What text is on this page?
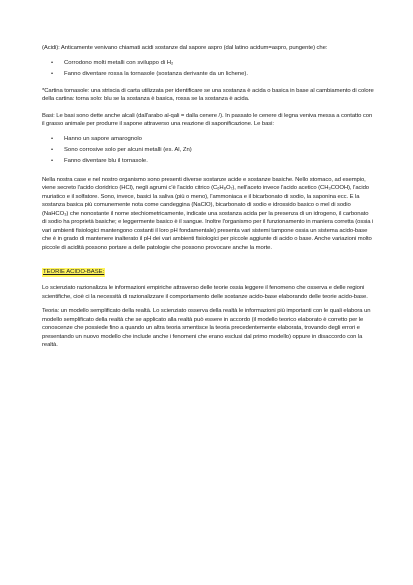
(Acidi): Anticamente venivano chiamati acidi sostanze dal sapore aspro (dal latino acidum=aspro, pungente) che:

• Corrodono molti metalli con sviluppo di H₂
• Fanno diventare rossa la tornasole (sostanza derivante da un lichene).

*Cartina tornasole: una striscia di carta utilizzata per identificare se una sostanza è acida o basica in base al cambiamento di colore della cartina: torna solo: blu se la sostanza è basica, rossa se la sostanza è acida.

Basi: Le basi sono dette anche alcali (dall'arabo al-qali = dalla cenere /). In passato le cenere di legna veniva messa a contatto con il grasso animale per produrre il sapone attraverso una reazione di saponificazione. Le basi:

• Hanno un sapore amarognolo
• Sono corrosive solo per alcuni metalli (es. Al, Zn)
• Fanno diventare blu il tornasole.

Nella nostra case e nel nostro organismo sono presenti diverse sostanze acide e sostanze basiche. Nello stomaco, ad esempio, viene secreto l'acido cloridrico (HCl), negli agrumi c'è l'acido citrico (C₆H₈O₇), nell'aceto invece l'acido acetico (CH₃COOH), l'acido muriatico e il solfatore. Sono, invece, basici la saliva (più o meno), l'ammoniaca e il bicarbonato di sodio, la saponina ecc. E la sostanza basica più comunemente nota come candeggina (NaClO), bicarbonato di sodio e idrossido basico o mel di sodio (NaHCO₃) che nonostante il nome stechiometricamente, indicate una sostanza acida per la presenza di un idrogeno, il carbonato di sodio ha proprietà basiche; e leggermente basico è il sangue. Inoltre l'organismo per il funzionamento in maniera corretta (ossia i vari ambienti fisiologici mantengono costanti il loro pH fondamentale) presenta vari sistemi tampone ossia un sistema acido-base che è in grado di mantenere inalterato il pH dei vari ambienti fisiologici per piccole aggiunte di acido o base. Anche variazioni molto piccole di acidità possono portare a delle patologie che possono provocare anche la morte.

TEORIE ACIDO-BASE:

Lo scienziato razionalizza le informazioni empiriche attraverso delle teorie ossia leggere il fenomeno che osserva e delle regioni scientifiche, cioè ci la necessità di razionalizzare il comportamento delle sostanze acido-base elaborando delle teorie acido-base.

Teoria: un modello semplificato della realtà. Lo scienziato osserva della realtà le informazioni più importanti con le quali elabora un modello semplificato della realtà che se applicato alla realtà può essere in accordo (il modello teorico elaborato è corretto per le conoscenze che possiede fino a quando un altra teoria smentisce la teoria precedentemente elaborata, trovando degli errori e presentando un nuovo modello che include anche i fenomeni che erano esclusi dal primo modello) oppure in disaccordo con la realtà.
